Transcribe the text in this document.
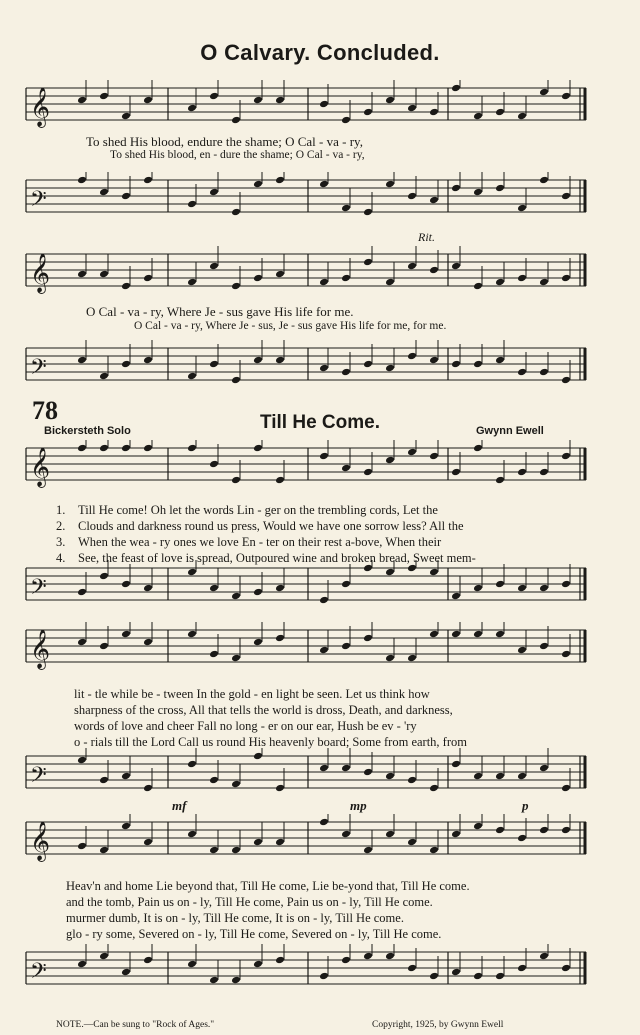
O Calvary. Concluded.
𝄞
To shed His blood, endure the shame; O Cal - va - ry,
To shed His blood, en - dure the shame; O Cal - va - ry,
𝄢
Rit.
𝄞
O Cal - va - ry, Where Je - sus gave His life for me.
O Cal - va - ry, Where Je - sus, Je - sus gave His life for me, for me.
𝄢
78
Bickersteth Solo	Till He Come.	Gwynn Ewell
𝄞
1.	Till He come! Oh let the words Lin - ger on the trembling cords, Let the
2.	Clouds and darkness round us press, Would we have one sorrow less? All the
3.	When the wea - ry ones we love En - ter on their rest a-bove, When their
4.	See, the feast of love is spread, Outpoured wine and broken bread, Sweet mem-
𝄢
𝄞
lit - tle while be - tween In the gold - en light be seen. Let us think how
sharpness of the cross, All that tells the world is dross, Death, and darkness,
words of love and cheer Fall no long - er on our ear, Hush be ev - 'ry
o - rials till the Lord Call us round His heavenly board; Some from earth, from
𝄢
mf	mp	p
𝄞
Heav'n and home Lie beyond that, Till He come, Lie be-yond that, Till He come.
and the tomb, Pain us on - ly, Till He come, Pain us on - ly, Till He come.
murmer dumb, It is on - ly, Till He come, It is on - ly, Till He come.
glo - ry some, Severed on - ly, Till He come, Severed on - ly, Till He come.
𝄢
NOTE.—Can be sung to "Rock of Ages."	Copyright, 1925, by Gwynn Ewell
